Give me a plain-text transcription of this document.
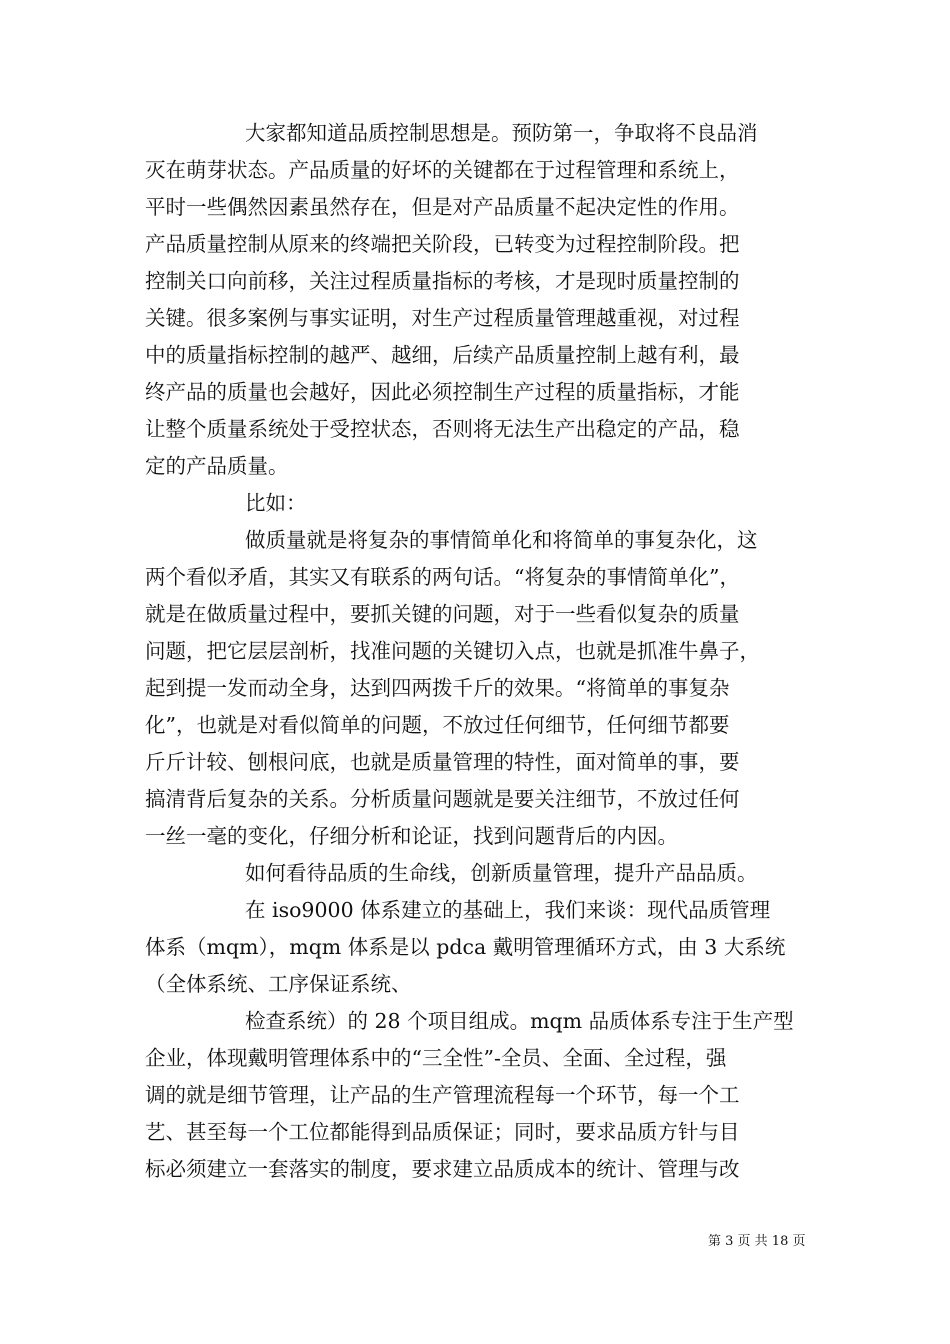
大家都知道品质控制思想是。预防第一，争取将不良品消
灭在萌芽状态。产品质量的好坏的关键都在于过程管理和系统上，
平时一些偶然因素虽然存在，但是对产品质量不起决定性的作用。
产品质量控制从原来的终端把关阶段，已转变为过程控制阶段。把
控制关口向前移，关注过程质量指标的考核，才是现时质量控制的
关键。很多案例与事实证明，对生产过程质量管理越重视，对过程
中的质量指标控制的越严、越细，后续产品质量控制上越有利，最
终产品的质量也会越好，因此必须控制生产过程的质量指标，才能
让整个质量系统处于受控状态，否则将无法生产出稳定的产品，稳
定的产品质量。
比如：
做质量就是将复杂的事情简单化和将简单的事复杂化，这
两个看似矛盾，其实又有联系的两句话。“将复杂的事情简单化”，
就是在做质量过程中，要抓关键的问题，对于一些看似复杂的质量
问题，把它层层剖析，找准问题的关键切入点，也就是抓准牛鼻子，
起到提一发而动全身，达到四两拨千斤的效果。“将简单的事复杂
化”，也就是对看似简单的问题，不放过任何细节，任何细节都要
斤斤计较、刨根问底，也就是质量管理的特性，面对简单的事，要
搞清背后复杂的关系。分析质量问题就是要关注细节，不放过任何
一丝一毫的变化，仔细分析和论证，找到问题背后的内因。
如何看待品质的生命线，创新质量管理，提升产品品质。
在 iso9000 体系建立的基础上，我们来谈：现代品质管理
体系（mqm），mqm 体系是以 pdca 戴明管理循环方式，由 3 大系统
（全体系统、工序保证系统、
检查系统）的 28 个项目组成。mqm 品质体系专注于生产型
企业，体现戴明管理体系中的“三全性”-全员、全面、全过程，强
调的就是细节管理，让产品的生产管理流程每一个环节，每一个工
艺、甚至每一个工位都能得到品质保证；同时，要求品质方针与目
标必须建立一套落实的制度，要求建立品质成本的统计、管理与改
第 3 页 共 18 页
